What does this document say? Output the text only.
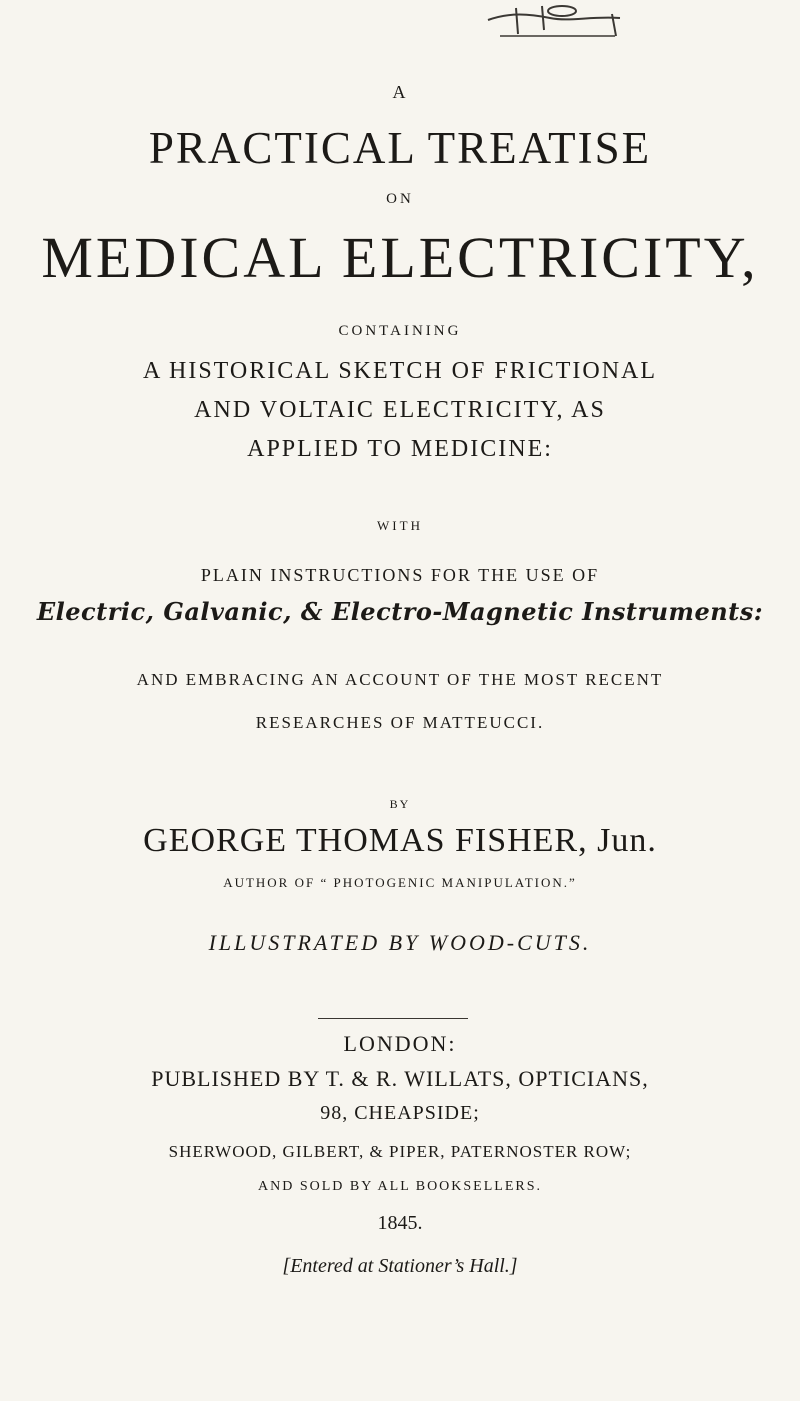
A
PRACTICAL TREATISE
ON
MEDICAL ELECTRICITY,
CONTAINING
A HISTORICAL SKETCH OF FRICTIONAL
AND VOLTAIC ELECTRICITY, AS
APPLIED TO MEDICINE:
WITH
PLAIN INSTRUCTIONS FOR THE USE OF
Electric, Galvanic, & Electro-Magnetic Instruments:
AND EMBRACING AN ACCOUNT OF THE MOST RECENT
RESEARCHES OF MATTEUCCI.
BY
GEORGE THOMAS FISHER, Jun.
AUTHOR OF “ PHOTOGENIC MANIPULATION.”
ILLUSTRATED BY WOOD-CUTS.
LONDON:
PUBLISHED BY T. & R. WILLATS, OPTICIANS,
98, CHEAPSIDE;
SHERWOOD, GILBERT, & PIPER, PATERNOSTER ROW;
AND SOLD BY ALL BOOKSELLERS.
1845.
[Entered at Stationer’s Hall.]
